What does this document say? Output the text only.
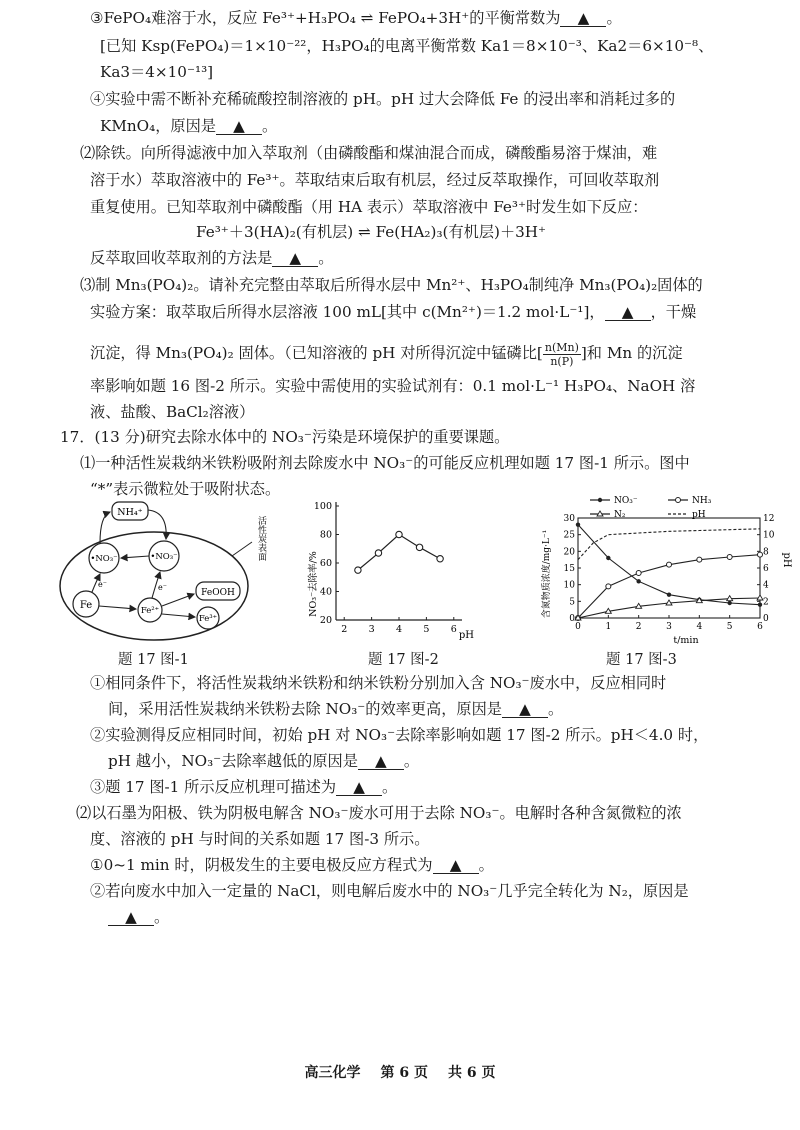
③FePO₄难溶于水，反应 Fe³⁺+H₃PO₄ ⇌ FePO₄+3H⁺的平衡常数为 ▲ 。
[已知 Ksp(FePO₄)＝1×10⁻²²，H₃PO₄的电离平衡常数 Ka1＝8×10⁻³、Ka2＝6×10⁻⁸、
Ka3＝4×10⁻¹³]
④实验中需不断补充稀硫酸控制溶液的 pH。pH 过大会降低 Fe 的浸出率和消耗过多的
KMnO₄，原因是 ▲ 。
⑵除铁。向所得滤液中加入萃取剂（由磷酸酯和煤油混合而成，磷酸酯易溶于煤油，难
溶于水）萃取溶液中的 Fe³⁺。萃取结束后取有机层，经过反萃取操作，可回收萃取剂
重复使用。已知萃取剂中磷酸酯（用 HA 表示）萃取溶液中 Fe³⁺时发生如下反应：
Fe³⁺＋3(HA)₂(有机层) ⇌ Fe(HA₂)₃(有机层)＋3H⁺
反萃取回收萃取剂的方法是 ▲ 。
⑶制 Mn₃(PO₄)₂。请补充完整由萃取后所得水层中 Mn²⁺、H₃PO₄制纯净 Mn₃(PO₄)₂固体的
实验方案：取萃取后所得水层溶液 100 mL[其中 c(Mn²⁺)＝1.2 mol·L⁻¹]， ▲ ，干燥
沉淀，得 Mn₃(PO₄)₂ 固体。（已知溶液的 pH 对所得沉淀中锰磷比[ $\frac{n(Mn)}{n(P)}$ ]和 Mn 的沉淀
率影响如题 16 图-2 所示。实验中需使用的实验试剂有：0.1 mol·L⁻¹ H₃PO₄、NaOH 溶
液、盐酸、BaCl₂溶液）
17．(13 分)研究去除水体中的 NO₃⁻污染是环境保护的重要课题。
⑴一种活性炭栽纳米铁粉吸附剂去除废水中 NO₃⁻的可能反应机理如题 17 图-1 所示。图中
“*”表示微粒处于吸附状态。
活性炭表面
NH₄⁺
•NO₃⁻	•NO₃⁻
Fe	Fe²⁺
FeOOH
Fe³⁺
e⁻	e⁻
题 17 图-1
2 3 4 5 6
20
40
60
80
100
pH
NO₃⁻去除率/%
题 17 图-2
0	1	2	3	4	5	6
0
5
10
15
20
25
30
0
2
4
6
8
10
12
NO₃⁻	NH₃
N₂	pH
t/min
含氮物质浓度/mg·L⁻¹	pH
题 17 图-3
①相同条件下，将活性炭栽纳米铁粉和纳米铁粉分别加入含 NO₃⁻废水中，反应相同时
间，采用活性炭栽纳米铁粉去除 NO₃⁻的效率更高，原因是 ▲ 。
②实验测得反应相同时间，初始 pH 对 NO₃⁻去除率影响如题 17 图-2 所示。pH＜4.0 时，
pH 越小，NO₃⁻去除率越低的原因是 ▲ 。
③题 17 图-1 所示反应机理可描述为 ▲ 。
⑵以石墨为阳极、铁为阴极电解含 NO₃⁻废水可用于去除 NO₃⁻。电解时各种含氮微粒的浓
度、溶液的 pH 与时间的关系如题 17 图-3 所示。
①0~1 min 时，阴极发生的主要电极反应方程式为 ▲ 。
②若向废水中加入一定量的 NaCl，则电解后废水中的 NO₃⁻几乎完全转化为 N₂，原因是
▲ 。
高三化学 第 6 页 共 6 页
